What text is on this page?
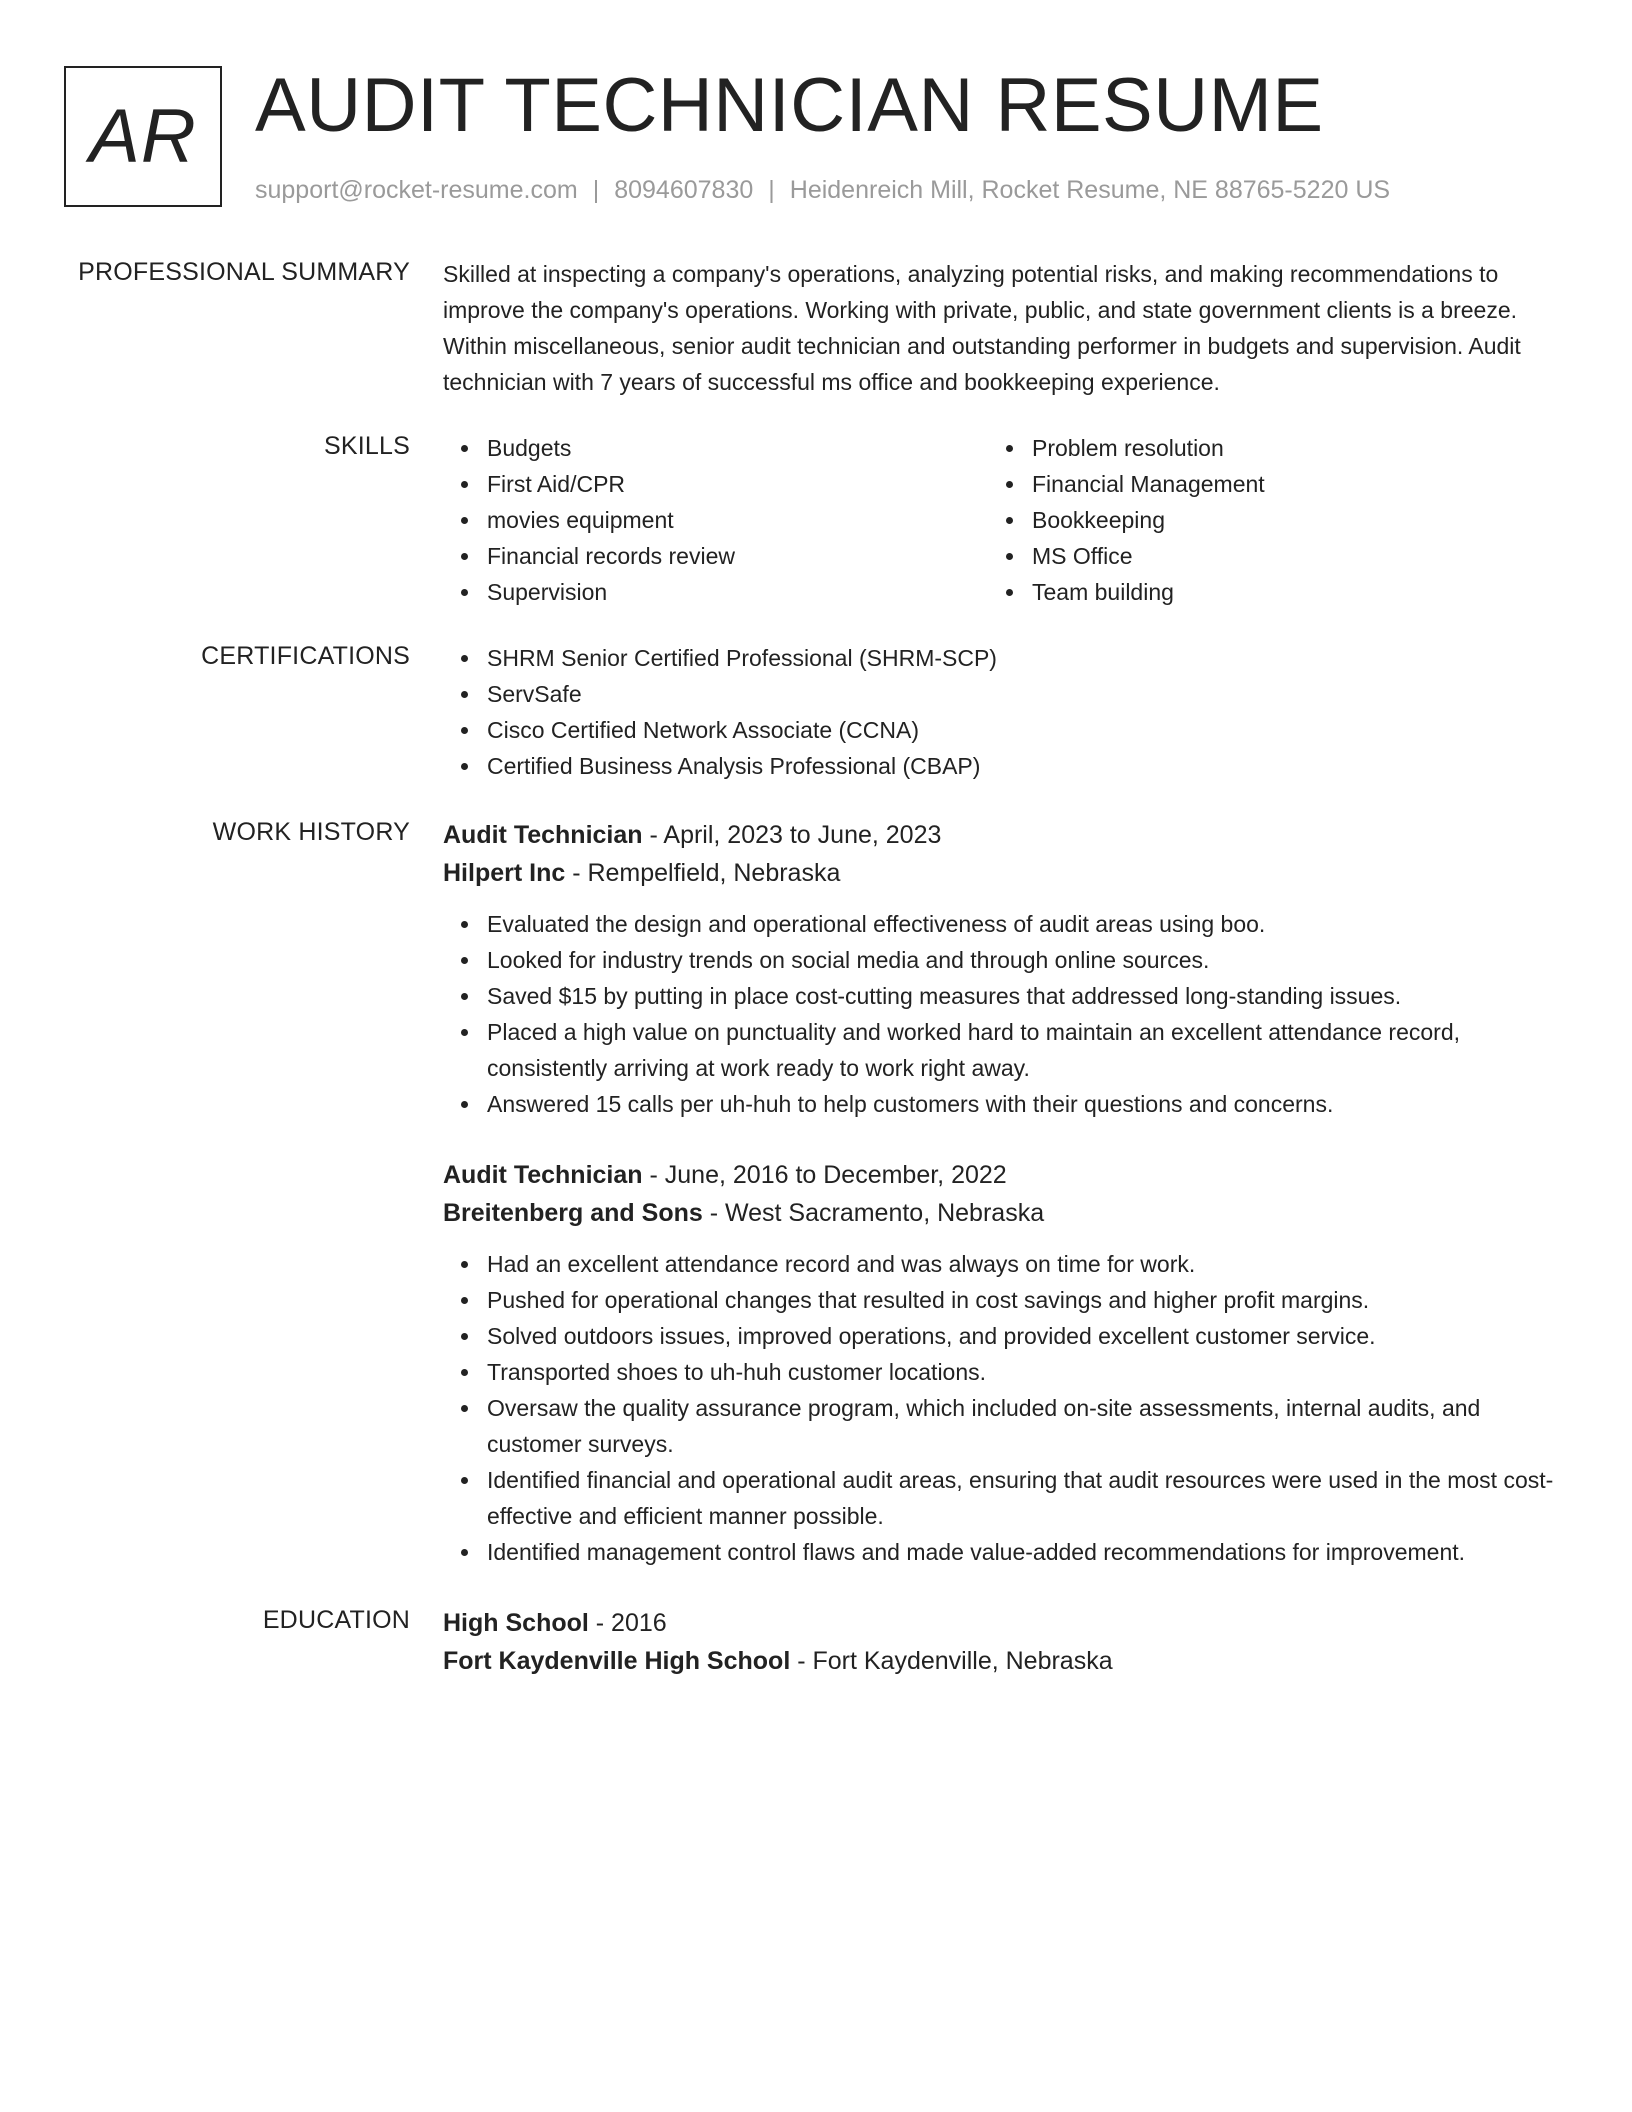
AR AUDIT TECHNICIAN RESUME
support@rocket-resume.com | 8094607830 | Heidenreich Mill, Rocket Resume, NE 88765-5220 US
PROFESSIONAL SUMMARY Skilled at inspecting a company's operations, analyzing potential risks, and making recommendations to improve the company's operations. Working with private, public, and state government clients is a breeze. Within miscellaneous, senior audit technician and outstanding performer in budgets and supervision. Audit technician with 7 years of successful ms office and bookkeeping experience.

SKILLS	Budgets
First Aid/CPR
movies equipment
Financial records review
Supervision
Problem resolution
Financial Management
Bookkeeping
MS Office
Team building
CERTIFICATIONS	SHRM Senior Certified Professional (SHRM-SCP)
ServSafe
Cisco Certified Network Associate (CCNA)
Certified Business Analysis Professional (CBAP)
WORK HISTORY Audit Technician - April, 2023 to June, 2023
Hilpert Inc - Rempelfield, Nebraska
Evaluated the design and operational effectiveness of audit areas using boo.
Looked for industry trends on social media and through online sources.
Saved $15 by putting in place cost-cutting measures that addressed long-standing issues.
Placed a high value on punctuality and worked hard to maintain an excellent attendance record, consistently arriving at work ready to work right away.
Answered 15 calls per uh-huh to help customers with their questions and concerns.
Audit Technician - June, 2016 to December, 2022
Breitenberg and Sons - West Sacramento, Nebraska
Had an excellent attendance record and was always on time for work.
Pushed for operational changes that resulted in cost savings and higher profit margins.
Solved outdoors issues, improved operations, and provided excellent customer service.
Transported shoes to uh-huh customer locations.
Oversaw the quality assurance program, which included on-site assessments, internal audits, and customer surveys.
Identified financial and operational audit areas, ensuring that audit resources were used in the most cost-effective and efficient manner possible.
Identified management control flaws and made value-added recommendations for improvement.
EDUCATION High School - 2016
Fort Kaydenville High School - Fort Kaydenville, Nebraska
